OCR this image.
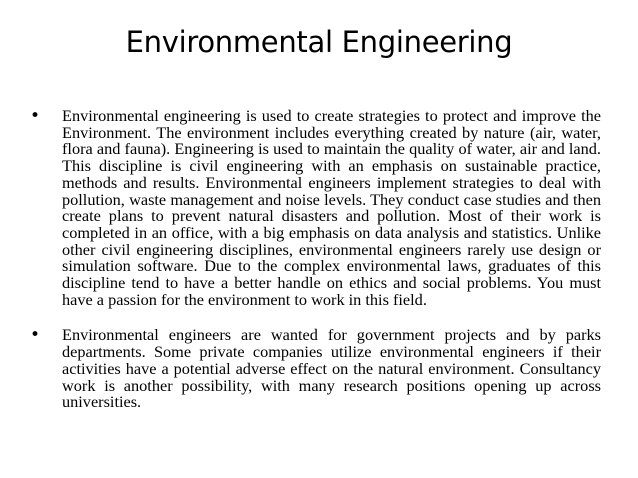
Environmental Engineering
• Environmental engineering is used to create strategies to protect and improve the Environment. The environment includes everything created by nature (air, water, flora and fauna). Engineering is used to maintain the quality of water, air and land. This discipline is civil engineering with an emphasis on sustainable practice, methods and results. Environmental engineers implement strategies to deal with pollution, waste management and noise levels. They conduct case studies and then create plans to prevent natural disasters and pollution. Most of their work is completed in an office, with a big emphasis on data analysis and statistics. Unlike other civil engineering disciplines, environmental engineers rarely use design or simulation software. Due to the complex environmental laws, graduates of this discipline tend to have a better handle on ethics and social problems. You must have a passion for the environment to work in this field.
• Environmental engineers are wanted for government projects and by parks departments. Some private companies utilize environmental engineers if their activities have a potential adverse effect on the natural environment. Consultancy work is another possibility, with many research positions opening up across universities.
